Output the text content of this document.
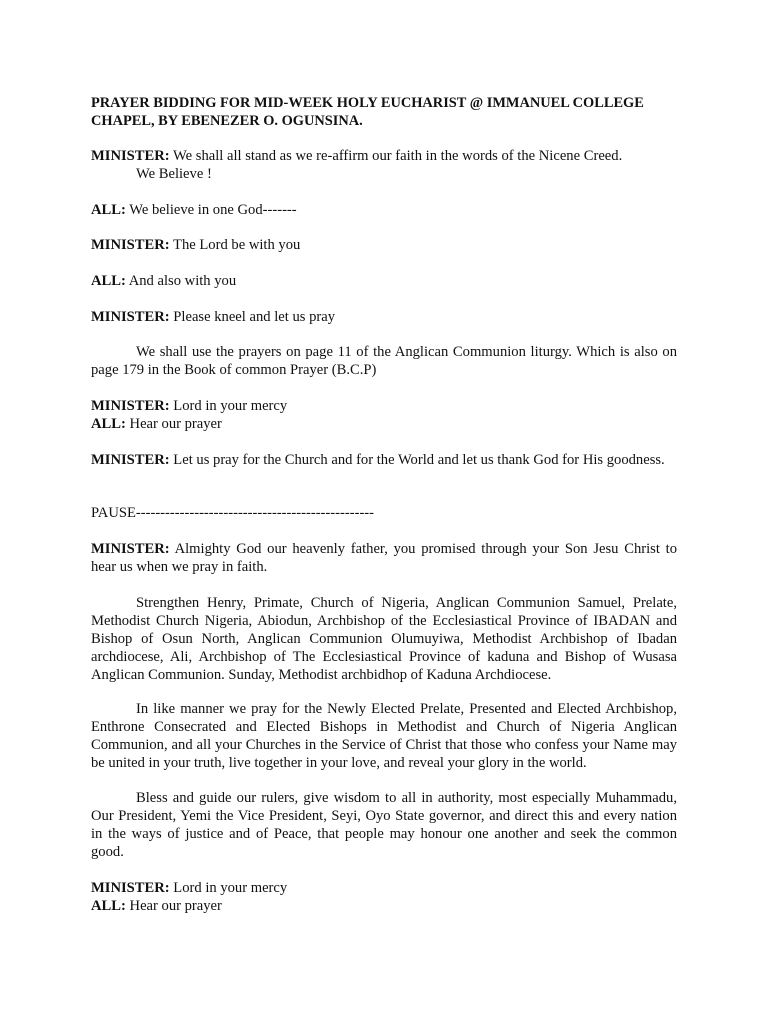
PRAYER BIDDING FOR MID-WEEK HOLY EUCHARIST @ IMMANUEL COLLEGE CHAPEL, BY EBENEZER O. OGUNSINA.

MINISTER: We shall all stand as we re-affirm our faith in the words of the Nicene Creed.
We Believe !

ALL: We believe in one God-------

MINISTER: The Lord be with you

ALL: And also with you

MINISTER: Please kneel and let us pray

We shall use the prayers on page 11 of the Anglican Communion liturgy. Which is also on page 179 in the Book of common Prayer (B.C.P)

MINISTER: Lord in your mercy
ALL: Hear our prayer

MINISTER: Let us pray for the Church and for the World and let us thank God for His goodness.

PAUSE-------------------------------------------------

MINISTER: Almighty God our heavenly father, you promised through your Son Jesu Christ to hear us when we pray in faith.

Strengthen Henry, Primate, Church of Nigeria, Anglican Communion Samuel, Prelate, Methodist Church Nigeria, Abiodun, Archbishop of the Ecclesiastical Province of IBADAN and Bishop of Osun North, Anglican Communion Olumuyiwa, Methodist Archbishop of Ibadan archdiocese, Ali, Archbishop of The Ecclesiastical Province of kaduna and Bishop of Wusasa Anglican Communion. Sunday, Methodist archbidhop of Kaduna Archdiocese.

In like manner we pray for the Newly Elected Prelate, Presented and Elected Archbishop, Enthrone Consecrated and Elected Bishops in Methodist and Church of Nigeria Anglican Communion, and all your Churches in the Service of Christ that those who confess your Name may be united in your truth, live together in your love, and reveal your glory in the world.

Bless and guide our rulers, give wisdom to all in authority, most especially Muhammadu, Our President, Yemi the Vice President, Seyi, Oyo State governor, and direct this and every nation in the ways of justice and of Peace, that people may honour one another and seek the common good.

MINISTER: Lord in your mercy
ALL: Hear our prayer
